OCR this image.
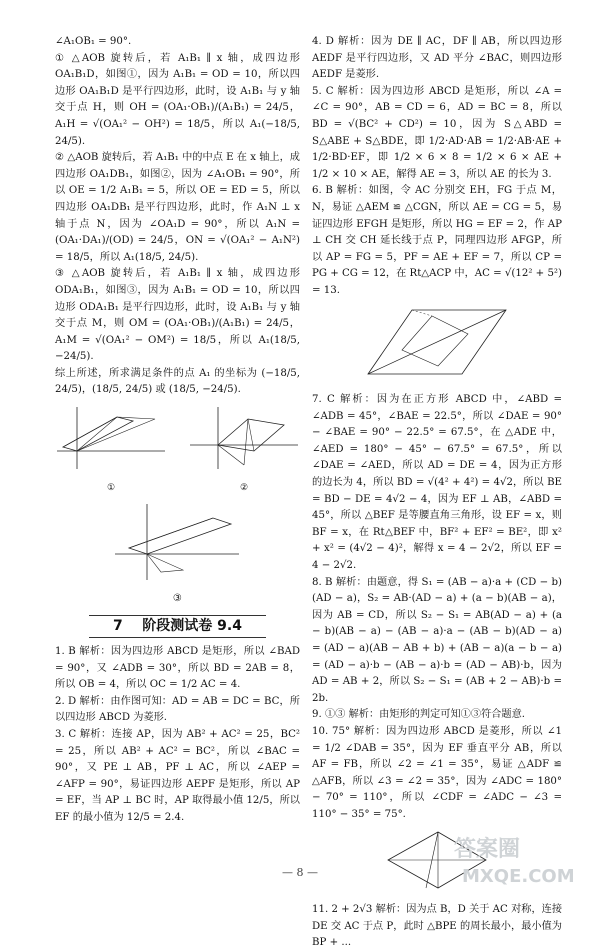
∠A₁OB₁ = 90°.

① △AOB 旋转后，若 A₁B₁ ∥ x 轴，成四边形 OA₁B₁D，如图①，因为 A₁B₁ = OD = 10，所以四边形 OA₁B₁D 是平行四边形，此时，设 A₁B₁ 与 y 轴交于点 H，则 OH = (OA₁·OB₁)/(A₁B₁) = 24/5，A₁H = √(OA₁² − OH²) = 18/5，所以 A₁(−18/5, 24/5).

② △AOB 旋转后，若 A₁B₁ 中的中点 E 在 x 轴上，成四边形 OA₁DB₁，如图②，因为 ∠A₁OB₁ = 90°，所以 OE = 1/2 A₁B₁ = 5，所以 OE = ED = 5，所以四边形 OA₁DB₁ 是平行四边形，此时，作 A₁N ⊥ x 轴于点 N，因为 ∠OA₁D = 90°，所以 A₁N = (OA₁·DA₁)/(OD) = 24/5，ON = √(OA₁² − A₁N²) = 18/5，所以 A₁(18/5, 24/5).

③ △AOB 旋转后，若 A₁B₁ ∥ x 轴，成四边形 ODA₁B₁，如图③，因为 A₁B₁ = OD = 10，所以四边形 ODA₁B₁ 是平行四边形，此时，设 A₁B₁ 与 y 轴交于点 M，则 OM = (OA₁·OB₁)/(A₁B₁) = 24/5，A₁M = √(OA₁² − OM²) = 18/5，所以 A₁(18/5, −24/5).

综上所述，所求满足条件的点 A₁ 的坐标为 (−18/5, 24/5)，(18/5, 24/5) 或 (18/5, −24/5).

①	②
③
7 阶段测试卷 9.4

1. B 解析：因为四边形 ABCD 是矩形，所以 ∠BAD = 90°，又 ∠ADB = 30°，所以 BD = 2AB = 8，所以 OB = 4，所以 OC = 1/2 AC = 4.

2. D 解析：由作图可知：AD = AB = DC = BC，所以四边形 ABCD 为菱形.

3. C 解析：连接 AP，因为 AB² + AC² = 25，BC² = 25，所以 AB² + AC² = BC²，所以 ∠BAC = 90°，又 PE ⊥ AB，PF ⊥ AC，所以 ∠AEP = ∠AFP = 90°，易证四边形 AEPF 是矩形，所以 AP = EF，当 AP ⊥ BC 时，AP 取得最小值 12/5，所以 EF 的最小值为 12/5 = 2.4.

4. D 解析：因为 DE ∥ AC，DF ∥ AB，所以四边形 AEDF 是平行四边形，又 AD 平分 ∠BAC，则四边形 AEDF 是菱形.

5. C 解析：因为四边形 ABCD 是矩形，所以 ∠A = ∠C = 90°，AB = CD = 6，AD = BC = 8，所以 BD = √(BC² + CD²) = 10，因为 S△ABD = S△ABE + S△BDE，即 1/2·AD·AB = 1/2·AB·AE + 1/2·BD·EF，即 1/2 × 6 × 8 = 1/2 × 6 × AE + 1/2 × 10 × AE，解得 AE = 3，所以 AE 的长为 3.

6. B 解析：如图，令 AC 分别交 EH，FG 于点 M，N，易证 △AEM ≌ △CGN，所以 AE = CG = 5，易证四边形 EFGH 是矩形，所以 HG = EF = 2，作 AP ⊥ CH 交 CH 延长线于点 P，同理四边形 AFGP，所以 AP = FG = 5，PF = AE + EF = 7，所以 CP = PG + CG = 12，在 Rt△ACP 中，AC = √(12² + 5²) = 13.

7. C 解析：因为在正方形 ABCD 中，∠ABD = ∠ADB = 45°，∠BAE = 22.5°，所以 ∠DAE = 90° − ∠BAE = 90° − 22.5° = 67.5°，在 △ADE 中，∠AED = 180° − 45° − 67.5° = 67.5°，所以 ∠DAE = ∠AED，所以 AD = DE = 4，因为正方形的边长为 4，所以 BD = √(4² + 4²) = 4√2，所以 BE = BD − DE = 4√2 − 4，因为 EF ⊥ AB，∠ABD = 45°，所以 △BEF 是等腰直角三角形，设 EF = x，则 BF = x，在 Rt△BEF 中，BF² + EF² = BE²，即 x² + x² = (4√2 − 4)²，解得 x = 4 − 2√2，所以 EF = 4 − 2√2.

8. B 解析：由题意，得 S₁ = (AB − a)·a + (CD − b)(AD − a)，S₂ = AB·(AD − a) + (a − b)(AB − a)，因为 AB = CD，所以 S₂ − S₁ = AB(AD − a) + (a − b)(AB − a) − (AB − a)·a − (AB − b)(AD − a) = (AD − a)(AB − AB + b) + (AB − a)(a − b − a) = (AD − a)·b − (AB − a)·b = (AD − AB)·b，因为 AD = AB + 2，所以 S₂ − S₁ = (AB + 2 − AB)·b = 2b.

9. ①③ 解析：由矩形的判定可知①③符合题意.

10. 75° 解析：因为四边形 ABCD 是菱形，所以 ∠1 = 1/2 ∠DAB = 35°，因为 EF 垂直平分 AB，所以 AF = FB，所以 ∠2 = ∠1 = 35°，易证 △ADF ≌ △AFB，所以 ∠3 = ∠2 = 35°，因为 ∠ADC = 180° − 70° = 110°，所以 ∠CDF = ∠ADC − ∠3 = 110° − 35° = 75°.

11. 2 + 2√3 解析：因为点 B，D 关于 AC 对称，连接 DE 交 AC 于点 P，此时 △BPE 的周长最小，最小值为 BP + ...

— 8 —
答案圈
MXQE.COM
